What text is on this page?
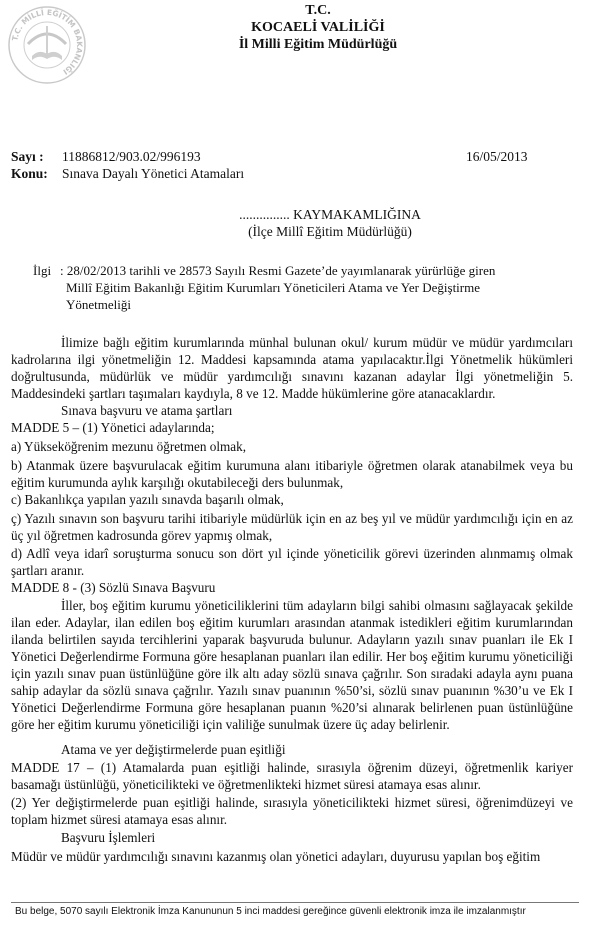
T.C. MİLLÎ EĞİTİM BAKANLIĞI
T.C.
KOCAELİ VALİLİĞİ
İl Milli Eğitim Müdürlüğü
Sayı : 11886812/903.02/996193	16/05/2013
Konu: Sınava Dayalı Yönetici Atamaları
............... KAYMAKAMLIĞINA
(İlçe Millî Eğitim Müdürlüğü)
İlgi : 28/02/2013 tarihli ve 28573 Sayılı Resmi Gazete’de yayımlanarak yürürlüğe giren
Millî Eğitim Bakanlığı Eğitim Kurumları Yöneticileri Atama ve Yer Değiştirme
Yönetmeliği
İlimize bağlı eğitim kurumlarında münhal bulunan okul/ kurum müdür ve müdür yardımcıları kadrolarına ilgi yönetmeliğin 12. Maddesi kapsamında atama yapılacaktır.İlgi Yönetmelik hükümleri doğrultusunda, müdürlük ve müdür yardımcılığı sınavını kazanan adaylar İlgi yönetmeliğin 5. Maddesindeki şartları taşımaları kaydıyla, 8 ve 12. Madde hükümlerine göre atanacaklardır.
Sınava başvuru ve atama şartları
MADDE 5 – (1) Yönetici adaylarında;
a) Yükseköğrenim mezunu öğretmen olmak,
b) Atanmak üzere başvurulacak eğitim kurumuna alanı itibariyle öğretmen olarak atanabilmek veya bu eğitim kurumunda aylık karşılığı okutabileceği ders bulunmak,
c) Bakanlıkça yapılan yazılı sınavda başarılı olmak,
ç) Yazılı sınavın son başvuru tarihi itibariyle müdürlük için en az beş yıl ve müdür yardımcılığı için en az üç yıl öğretmen kadrosunda görev yapmış olmak,
d) Adlî veya idarî soruşturma sonucu son dört yıl içinde yöneticilik görevi üzerinden alınmamış olmak şartları aranır.
MADDE 8 - (3) Sözlü Sınava Başvuru
İller, boş eğitim kurumu yöneticiliklerini tüm adayların bilgi sahibi olmasını sağlayacak şekilde ilan eder. Adaylar, ilan edilen boş eğitim kurumları arasından atanmak istedikleri eğitim kurumlarından ilanda belirtilen sayıda tercihlerini yaparak başvuruda bulunur. Adayların yazılı sınav puanları ile Ek I Yönetici Değerlendirme Formuna göre hesaplanan puanları ilan edilir. Her boş eğitim kurumu yöneticiliği için yazılı sınav puan üstünlüğüne göre ilk altı aday sözlü sınava çağrılır. Son sıradaki adayla aynı puana sahip adaylar da sözlü sınava çağrılır. Yazılı sınav puanının %50’si, sözlü sınav puanının %30’u ve Ek I Yönetici Değerlendirme Formuna göre hesaplanan puanın %20’si alınarak belirlenen puan üstünlüğüne göre her eğitim kurumu yöneticiliği için valiliğe sunulmak üzere üç aday belirlenir.
Atama ve yer değiştirmelerde puan eşitliği
MADDE 17 – (1) Atamalarda puan eşitliği halinde, sırasıyla öğrenim düzeyi, öğretmenlik kariyer basamağı üstünlüğü, yöneticilikteki ve öğretmenlikteki hizmet süresi atamaya esas alınır.
(2) Yer değiştirmelerde puan eşitliği halinde, sırasıyla yöneticilikteki hizmet süresi, öğrenimdüzeyi ve toplam hizmet süresi atamaya esas alınır.
Başvuru İşlemleri
Müdür ve müdür yardımcılığı sınavını kazanmış olan yönetici adayları, duyurusu yapılan boş eğitim
Bu belge, 5070 sayılı Elektronik İmza Kanununun 5 inci maddesi gereğince güvenli elektronik imza ile imzalanmıştır
